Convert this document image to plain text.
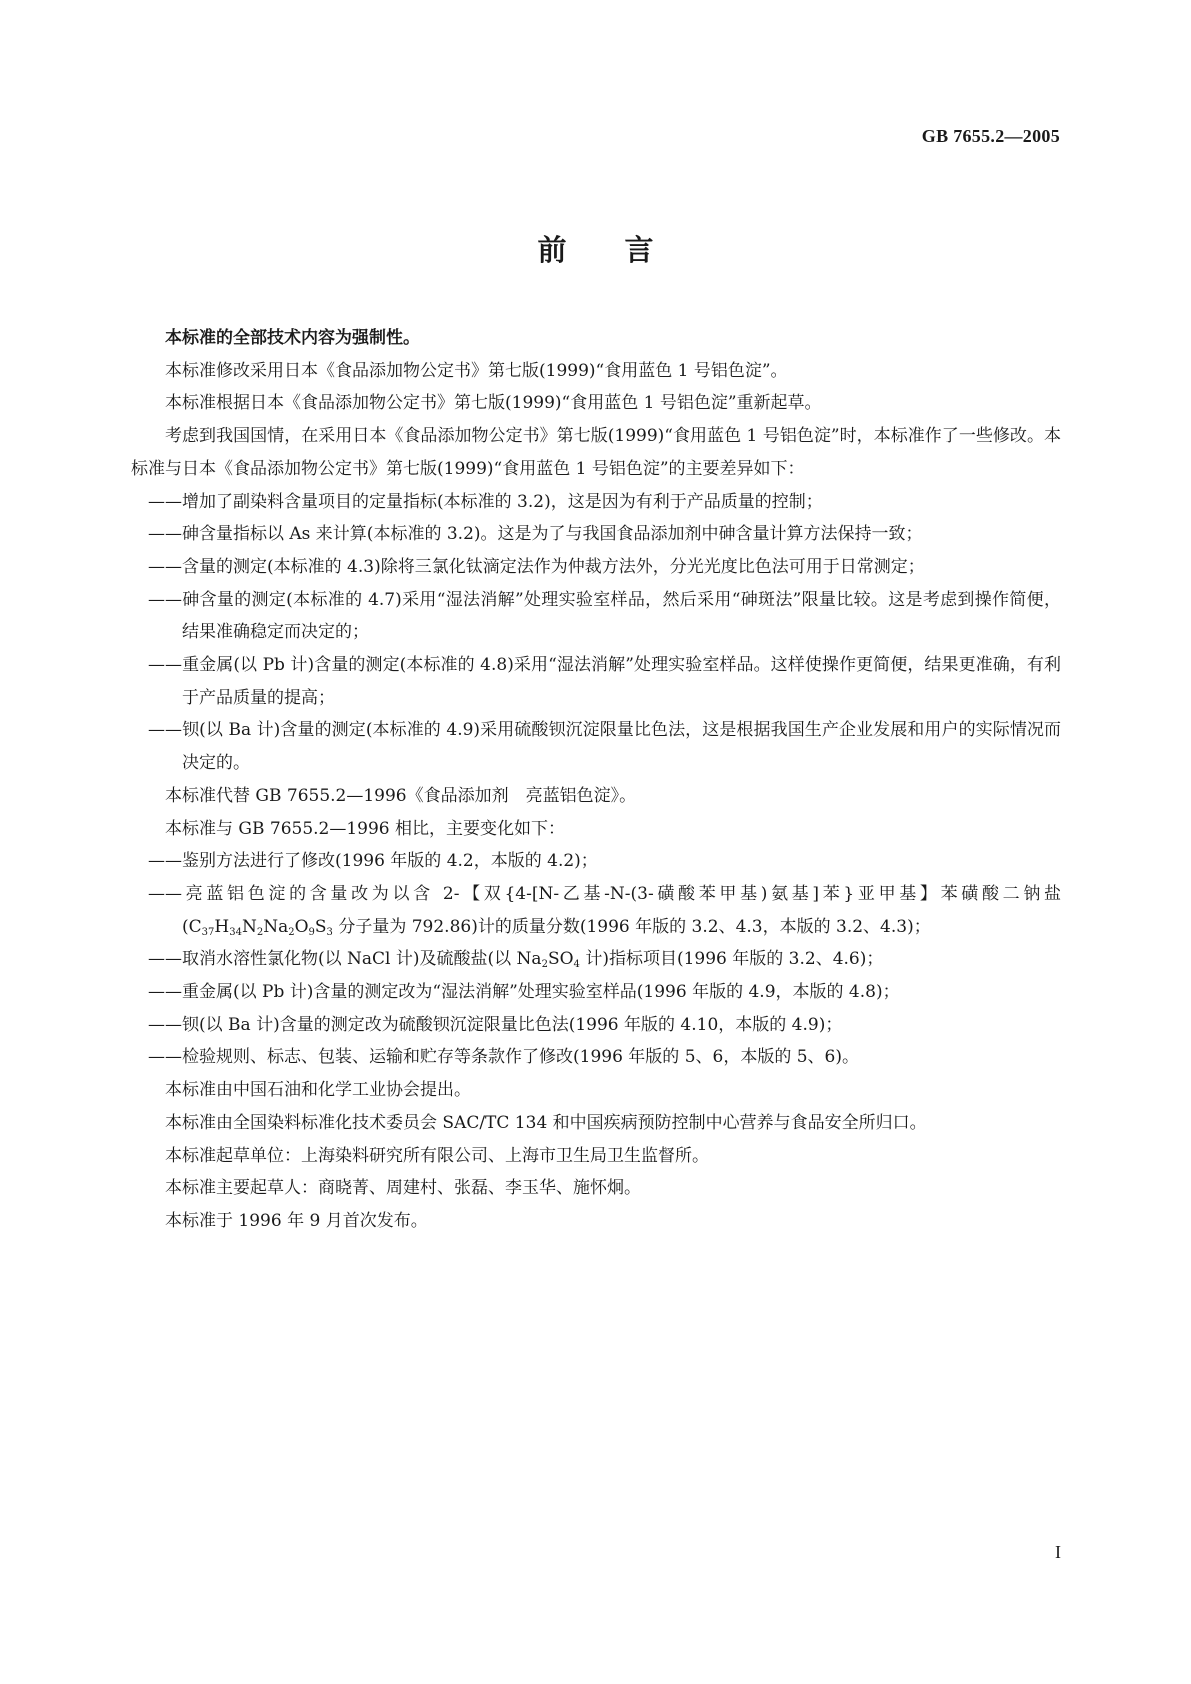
GB 7655.2—2005
前 言

本标准的全部技术内容为强制性。

本标准修改采用日本《食品添加物公定书》第七版(1999)“食用蓝色 1 号铝色淀”。

本标准根据日本《食品添加物公定书》第七版(1999)“食用蓝色 1 号铝色淀”重新起草。

考虑到我国国情，在采用日本《食品添加物公定书》第七版(1999)“食用蓝色 1 号铝色淀”时，本标准作了一些修改。本标准与日本《食品添加物公定书》第七版(1999)“食用蓝色 1 号铝色淀”的主要差异如下：

——增加了副染料含量项目的定量指标(本标准的 3.2)，这是因为有利于产品质量的控制；

——砷含量指标以 As 来计算(本标准的 3.2)。这是为了与我国食品添加剂中砷含量计算方法保持一致；

——含量的测定(本标准的 4.3)除将三氯化钛滴定法作为仲裁方法外，分光光度比色法可用于日常测定；

——砷含量的测定(本标准的 4.7)采用“湿法消解”处理实验室样品，然后采用“砷斑法”限量比较。这是考虑到操作简便，结果准确稳定而决定的；

——重金属(以 Pb 计)含量的测定(本标准的 4.8)采用“湿法消解”处理实验室样品。这样使操作更简便，结果更准确，有利于产品质量的提高；

——钡(以 Ba 计)含量的测定(本标准的 4.9)采用硫酸钡沉淀限量比色法，这是根据我国生产企业发展和用户的实际情况而决定的。

本标准代替 GB 7655.2—1996《食品添加剂　亮蓝铝色淀》。

本标准与 GB 7655.2—1996 相比，主要变化如下：

——鉴别方法进行了修改(1996 年版的 4.2，本版的 4.2)；

——亮蓝铝色淀的含量改为以含 2-【双{4-[N-乙基-N-(3-磺酸苯甲基)氨基]苯}亚甲基】苯磺酸二钠盐($C_{37}H_{34}N_2Na_2O_9S_3$ 分子量为 792.86)计的质量分数(1996 年版的 3.2、4.3，本版的 3.2、4.3)；

——取消水溶性氯化物(以 NaCl 计)及硫酸盐(以 $Na_2SO_4$ 计)指标项目(1996 年版的 3.2、4.6)；

——重金属(以 Pb 计)含量的测定改为“湿法消解”处理实验室样品(1996 年版的 4.9，本版的 4.8)；

——钡(以 Ba 计)含量的测定改为硫酸钡沉淀限量比色法(1996 年版的 4.10，本版的 4.9)；

——检验规则、标志、包装、运输和贮存等条款作了修改(1996 年版的 5、6，本版的 5、6)。

本标准由中国石油和化学工业协会提出。

本标准由全国染料标准化技术委员会 SAC/TC 134 和中国疾病预防控制中心营养与食品安全所归口。

本标准起草单位：上海染料研究所有限公司、上海市卫生局卫生监督所。

本标准主要起草人：商晓菁、周建村、张磊、李玉华、施怀炯。

本标准于 1996 年 9 月首次发布。

I
